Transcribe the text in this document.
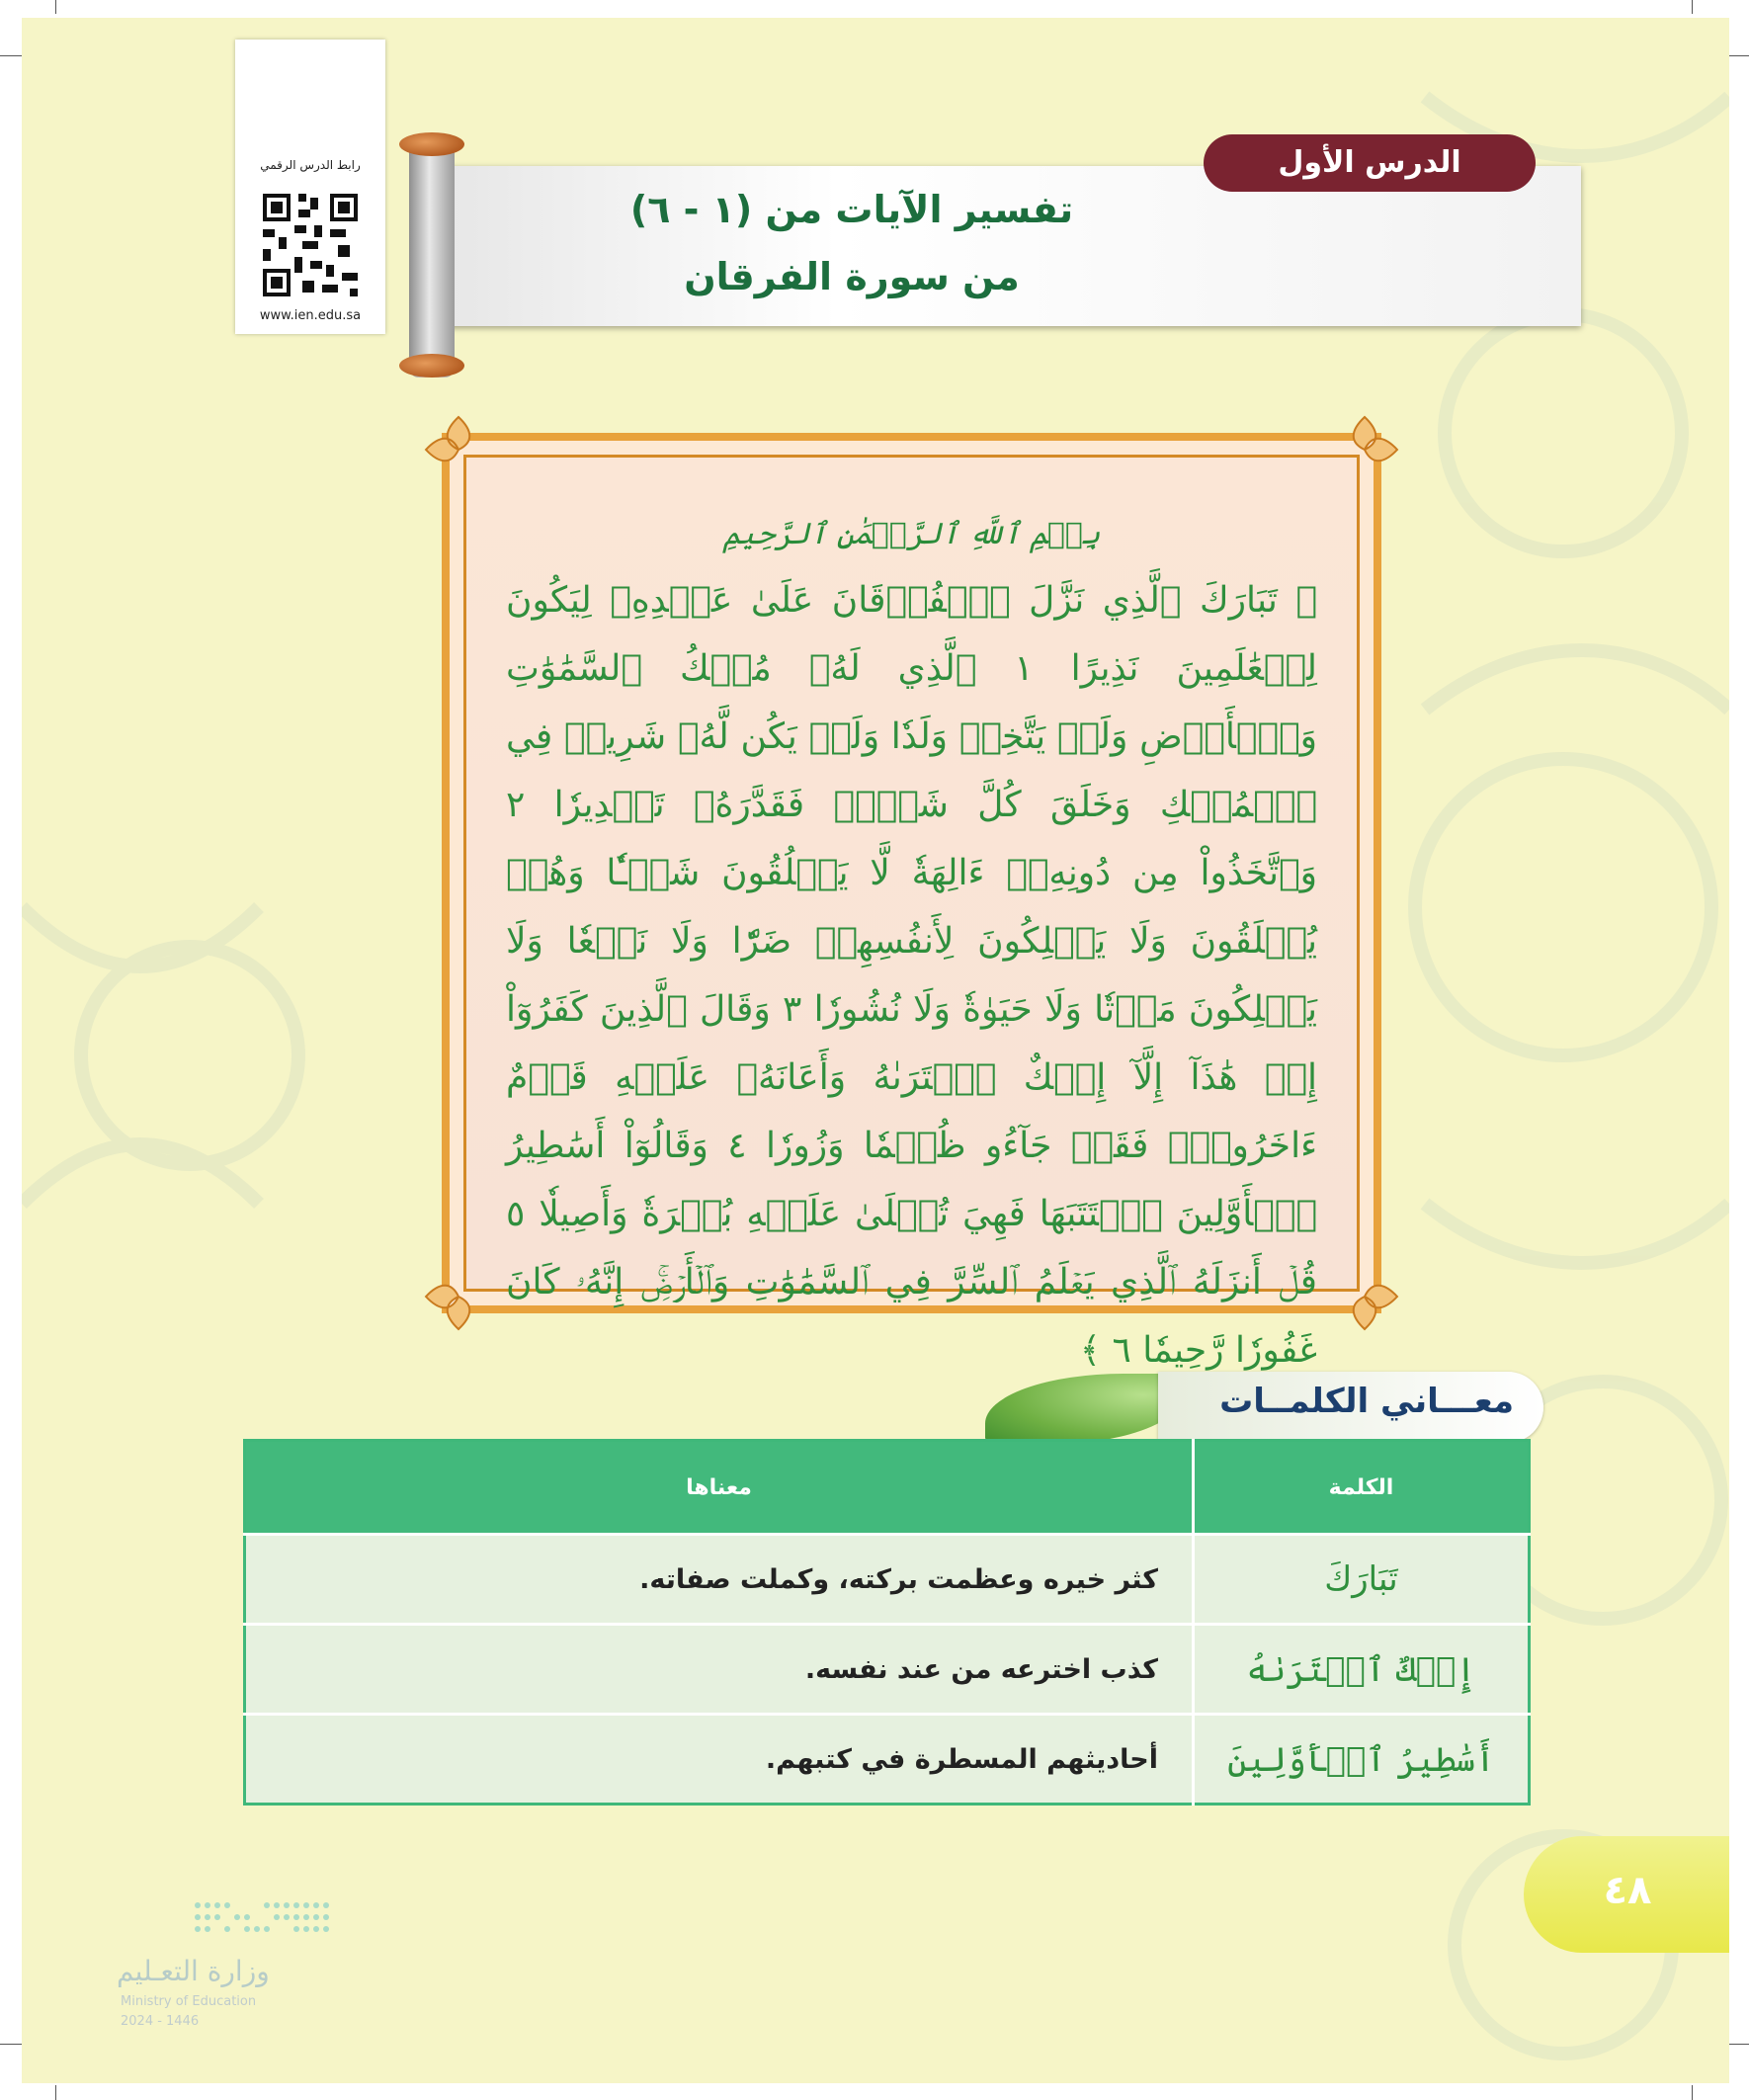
رابط الدرس الرقمي
www.ien.edu.sa
الدرس الأول
تفسير الآيات من (١ - ٦)
من سورة الفرقان
بِسۡمِ ٱللَّهِ ٱلرَّحۡمَٰنِ ٱلرَّحِيمِ
﴿ تَبَارَكَ ٱلَّذِي نَزَّلَ ٱلۡفُرۡقَانَ عَلَىٰ عَبۡدِهِۦ لِيَكُونَ لِلۡعَٰلَمِينَ نَذِيرًا ١ ٱلَّذِي لَهُۥ مُلۡكُ ٱلسَّمَٰوَٰتِ وَٱلۡأَرۡضِ وَلَمۡ يَتَّخِذۡ وَلَدٗا وَلَمۡ يَكُن لَّهُۥ شَرِيكٞ فِي ٱلۡمُلۡكِ وَخَلَقَ كُلَّ شَيۡءٖ فَقَدَّرَهُۥ تَقۡدِيرٗا ٢ وَٱتَّخَذُواْ مِن دُونِهِۦٓ ءَالِهَةٗ لَّا يَخۡلُقُونَ شَيۡـٔٗا وَهُمۡ يُخۡلَقُونَ وَلَا يَمۡلِكُونَ لِأَنفُسِهِمۡ ضَرّٗا وَلَا نَفۡعٗا وَلَا يَمۡلِكُونَ مَوۡتٗا وَلَا حَيَوٰةٗ وَلَا نُشُورٗا ٣ وَقَالَ ٱلَّذِينَ كَفَرُوٓاْ إِنۡ هَٰذَآ إِلَّآ إِفۡكٌ ٱفۡتَرَىٰهُ وَأَعَانَهُۥ عَلَيۡهِ قَوۡمٌ ءَاخَرُونَۖ فَقَدۡ جَآءُو ظُلۡمٗا وَزُورٗا ٤ وَقَالُوٓاْ أَسَٰطِيرُ ٱلۡأَوَّلِينَ ٱكۡتَتَبَهَا فَهِيَ تُمۡلَىٰ عَلَيۡهِ بُكۡرَةٗ وَأَصِيلٗا ٥ قُلۡ أَنزَلَهُ ٱلَّذِي يَعۡلَمُ ٱلسِّرَّ فِي ٱلسَّمَٰوَٰتِ وَٱلۡأَرۡضِۚ إِنَّهُۥ كَانَ غَفُورٗا رَّحِيمٗا ٦ ﴾
معـــاني الكلمــات
الكلمة	معناها
تَبَارَكَ	كثر خيره وعظمت بركته، وكملت صفاته.
إِفۡكٌ ٱفۡتَرَىٰهُ	كذب اخترعه من عند نفسه.
أَسَٰطِيرُ ٱلۡأَوَّلِينَ	أحاديثهم المسطرة في كتبهم.
٤٨
وزارة التعـليم
Ministry of Education
2024 - 1446
